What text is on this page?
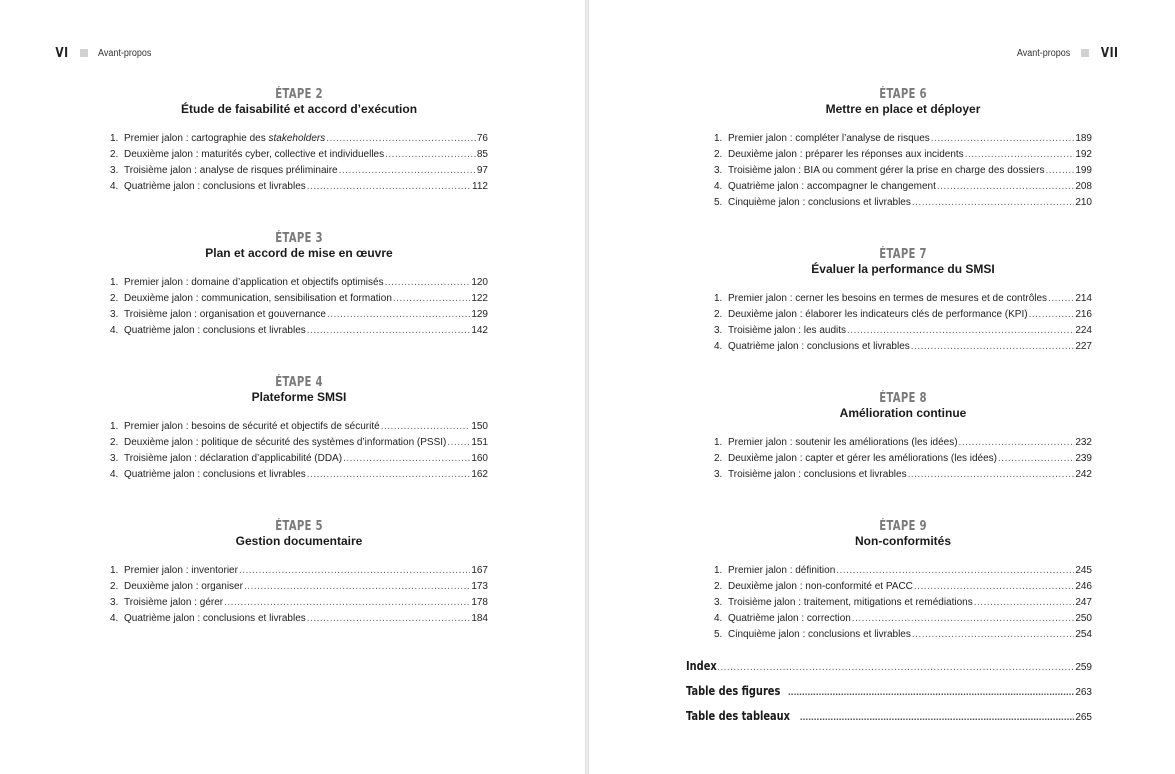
VI	Avant-propos
ÉTAPE 2
Étude de faisabilité et accord d’exécution
1. Premier jalon : cartographie des stakeholders .....	76
2. Deuxième jalon : maturités cyber, collective et individuelles .....	85
3. Troisième jalon : analyse de risques préliminaire .....	97
4. Quatrième jalon : conclusions et livrables .....	112
ÉTAPE 3
Plan et accord de mise en œuvre
1. Premier jalon : domaine d’application et objectifs optimisés .....	120
2. Deuxième jalon : communication, sensibilisation et formation .....	122
3. Troisième jalon : organisation et gouvernance .....	129
4. Quatrième jalon : conclusions et livrables .....	142
ÉTAPE 4
Plateforme SMSI
1. Premier jalon : besoins de sécurité et objectifs de sécurité .....	150
2. Deuxième jalon : politique de sécurité des systèmes d’information (PSSI) ..... 151
3. Troisième jalon : déclaration d’applicabilité (DDA) .....	160
4. Quatrième jalon : conclusions et livrables .....	162
ÉTAPE 5
Gestion documentaire
1. Premier jalon : inventorier .....	167
2. Deuxième jalon : organiser .....	173
3. Troisième jalon : gérer .....	178
4. Quatrième jalon : conclusions et livrables .....	184
Avant-propos VII
ÉTAPE 6
Mettre en place et déployer
1. Premier jalon : compléter l’analyse de risques .....	189
2. Deuxième jalon : préparer les réponses aux incidents .....	192
3. Troisième jalon : BIA ou comment gérer la prise en charge des dossiers .....	199
4. Quatrième jalon : accompagner le changement .....	208
5. Cinquième jalon : conclusions et livrables .....	210
ÉTAPE 7
Évaluer la performance du SMSI
1. Premier jalon : cerner les besoins en termes de mesures et de contrôles .....	214
2. Deuxième jalon : élaborer les indicateurs clés de performance (KPI) .....	216
3. Troisième jalon : les audits .....	224
4. Quatrième jalon : conclusions et livrables .....	227
ÉTAPE 8
Amélioration continue
1. Premier jalon : soutenir les améliorations (les idées) .....	232
2. Deuxième jalon : capter et gérer les améliorations (les idées) .....	239
3. Troisième jalon : conclusions et livrables .....	242
ÉTAPE 9
Non-conformités
1. Premier jalon : définition .....	245
2. Deuxième jalon : non-conformité et PACC .....	246
3. Troisième jalon : traitement, mitigations et remédiations .....	247
4. Quatrième jalon : correction .....	250
5. Cinquième jalon : conclusions et livrables .....	254
Index .....	259
Table des figures .....	263
Table des tableaux .....	265
